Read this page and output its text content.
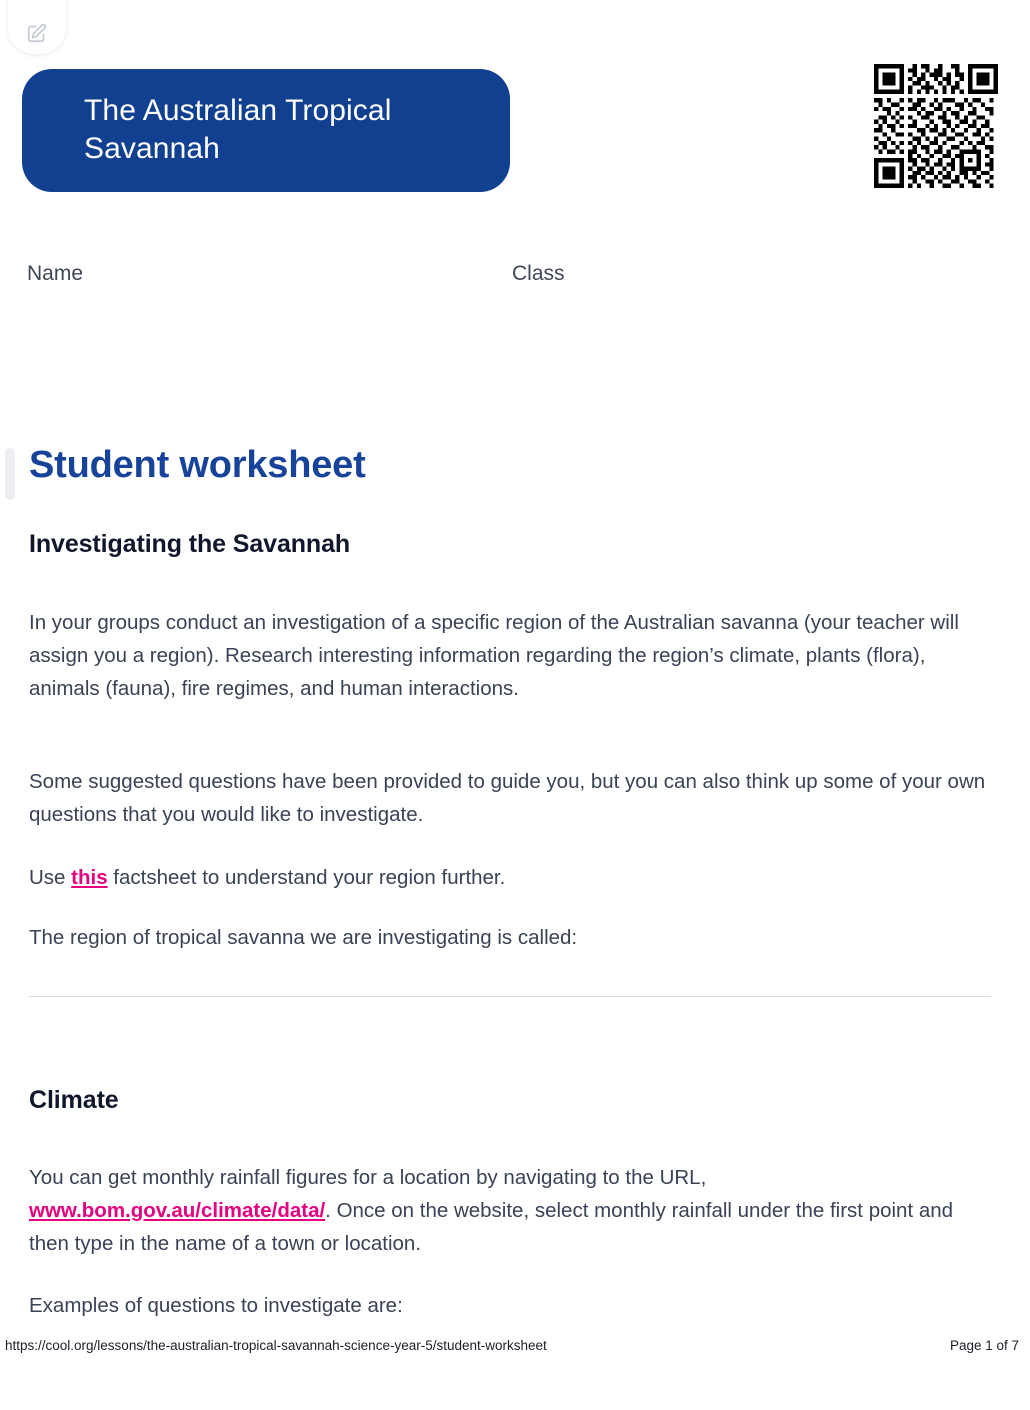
The Australian Tropical Savannah
Name	Class
Student worksheet
Investigating the Savannah

In your groups conduct an investigation of a specific region of the Australian savanna (your teacher will assign you a region). Research interesting information regarding the region’s climate, plants (flora), animals (fauna), fire regimes, and human interactions.

Some suggested questions have been provided to guide you, but you can also think up some of your own questions that you would like to investigate.

Use this factsheet to understand your region further.

The region of tropical savanna we are investigating is called:

Climate

You can get monthly rainfall figures for a location by navigating to the URL, www.bom.gov.au/climate/data/. Once on the website, select monthly rainfall under the first point and then type in the name of a town or location.

Examples of questions to investigate are:

https://cool.org/lessons/the-australian-tropical-savannah-science-year-5/student-worksheet	Page 1 of 7
